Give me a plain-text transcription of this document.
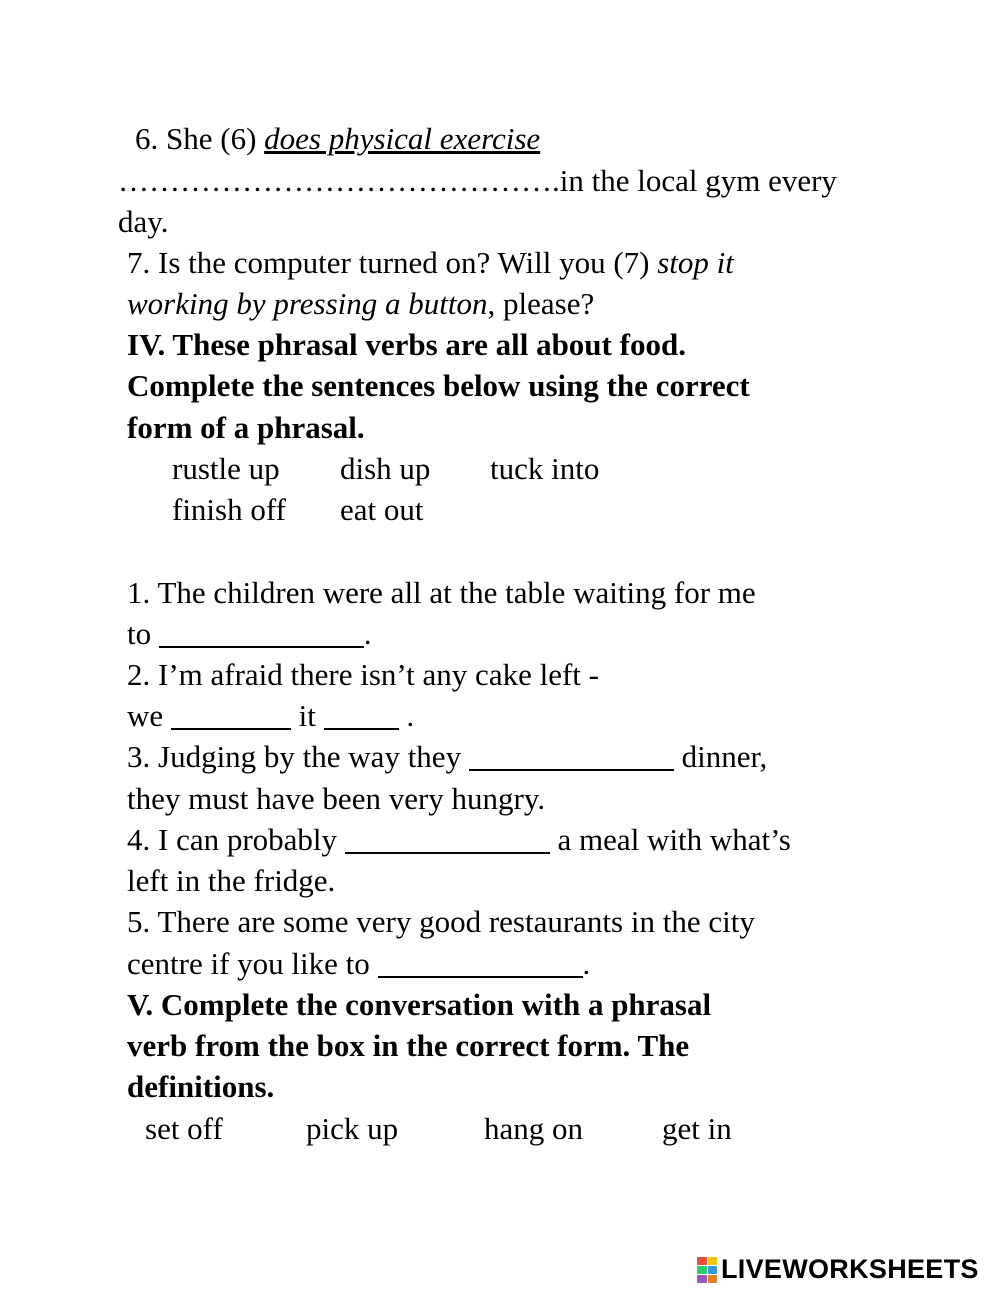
6. She (6) does physical exercise
…………………………………….in the local gym every
day.
7. Is the computer turned on? Will you (7) stop it
working by pressing a button, please?
IV. These phrasal verbs are all about food.
Complete the sentences below using the correct
form of a phrasal.
rustle up dish up tuck into
finish off eat out
1. The children were all at the table waiting for me
to	.
2. I’m afraid there isn’t any cake left -
we	it	.
3. Judging by the way they	dinner,
they must have been very hungry.
4. I can probably	a meal with what’s
left in the fridge.
5. There are some very good restaurants in the city
centre if you like to	.
V. Complete the conversation with a phrasal
verb from the box in the correct form. The
definitions.
set off	pick up	hang on	get in
LIVEWORKSHEETS
